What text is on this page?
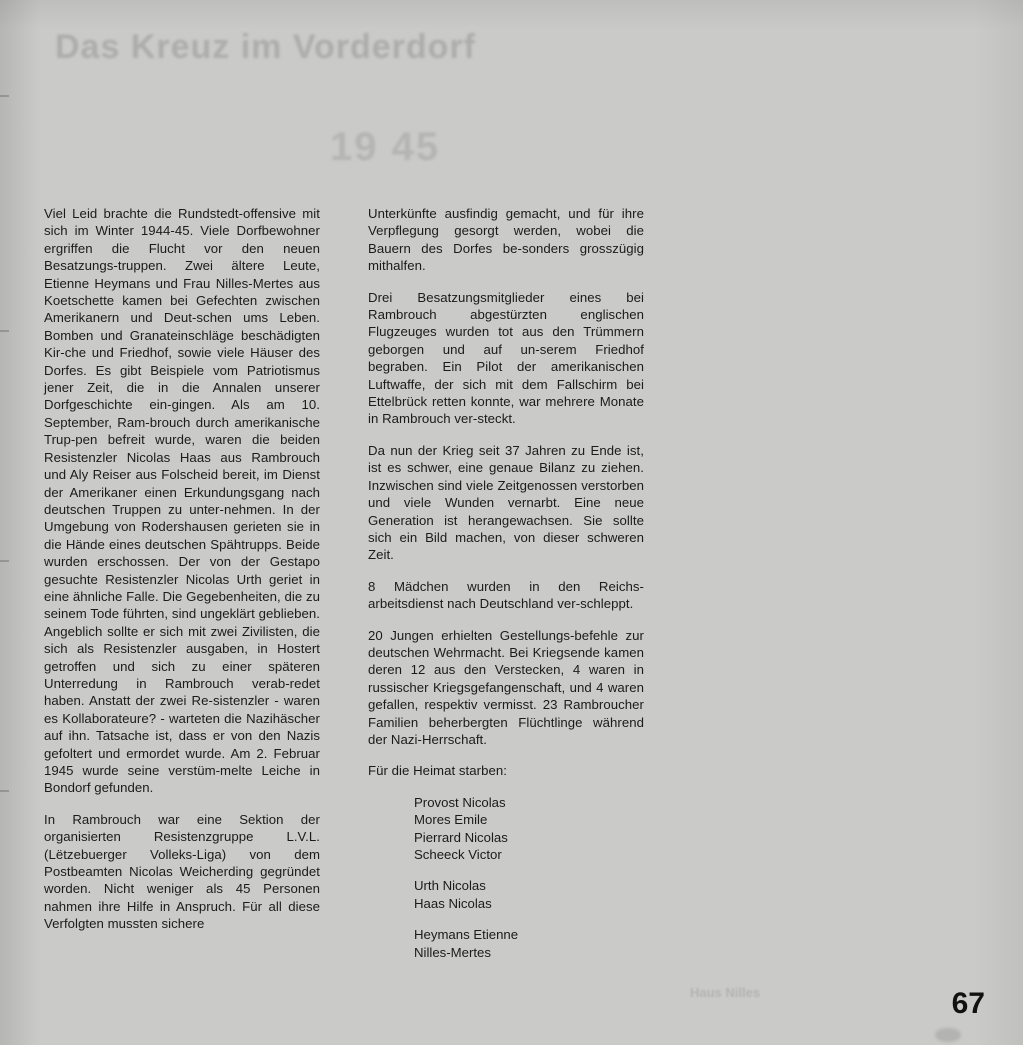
Das Kreuz im Vorderdorf
19 45
Haus Nilles

Viel Leid brachte die Rundstedt-offensive mit sich im Winter 1944-45. Viele Dorfbewohner ergriffen die Flucht vor den neuen Besatzungs-truppen. Zwei ältere Leute, Etienne Heymans und Frau Nilles-Mertes aus Koetschette kamen bei Gefechten zwischen Amerikanern und Deut-schen ums Leben. Bomben und Granateinschläge beschädigten Kir-che und Friedhof, sowie viele Häuser des Dorfes. Es gibt Beispiele vom Patriotismus jener Zeit, die in die Annalen unserer Dorfgeschichte ein-gingen. Als am 10. September, Ram-brouch durch amerikanische Trup-pen befreit wurde, waren die beiden Resistenzler Nicolas Haas aus Rambrouch und Aly Reiser aus Folscheid bereit, im Dienst der Amerikaner einen Erkundungsgang nach deutschen Truppen zu unter-nehmen. In der Umgebung von Rodershausen gerieten sie in die Hände eines deutschen Spähtrupps. Beide wurden erschossen. Der von der Gestapo gesuchte Resistenzler Nicolas Urth geriet in eine ähnliche Falle. Die Gegebenheiten, die zu seinem Tode führten, sind ungeklärt geblieben. Angeblich sollte er sich mit zwei Zivilisten, die sich als Resistenzler ausgaben, in Hostert getroffen und sich zu einer späteren Unterredung in Rambrouch verab-redet haben. Anstatt der zwei Re-sistenzler - waren es Kollaborateure? - warteten die Nazihäscher auf ihn. Tatsache ist, dass er von den Nazis gefoltert und ermordet wurde. Am 2. Februar 1945 wurde seine verstüm-melte Leiche in Bondorf gefunden.

In Rambrouch war eine Sektion der organisierten Resistenzgruppe L.V.L. (Lëtzebuerger Volleks-Liga) von dem Postbeamten Nicolas Weicherding gegründet worden. Nicht weniger als 45 Personen nahmen ihre Hilfe in Anspruch. Für all diese Verfolgten mussten sichere

Unterkünfte ausfindig gemacht, und für ihre Verpflegung gesorgt werden, wobei die Bauern des Dorfes be-sonders grosszügig mithalfen.

Drei Besatzungsmitglieder eines bei Rambrouch abgestürzten englischen Flugzeuges wurden tot aus den Trümmern geborgen und auf un-serem Friedhof begraben. Ein Pilot der amerikanischen Luftwaffe, der sich mit dem Fallschirm bei Ettelbrück retten konnte, war mehrere Monate in Rambrouch ver-steckt.

Da nun der Krieg seit 37 Jahren zu Ende ist, ist es schwer, eine genaue Bilanz zu ziehen. Inzwischen sind viele Zeitgenossen verstorben und viele Wunden vernarbt. Eine neue Generation ist herangewachsen. Sie sollte sich ein Bild machen, von dieser schweren Zeit.

8 Mädchen wurden in den Reichs-arbeitsdienst nach Deutschland ver-schleppt.

20 Jungen erhielten Gestellungs-befehle zur deutschen Wehrmacht. Bei Kriegsende kamen deren 12 aus den Verstecken, 4 waren in russischer Kriegsgefangenschaft, und 4 waren gefallen, respektiv vermisst. 23 Rambroucher Familien beherbergten Flüchtlinge während der Nazi-Herrschaft.

Für die Heimat starben:

Provost Nicolas
Mores Emile
Pierrard Nicolas
Scheeck Victor
Urth Nicolas
Haas Nicolas
Heymans Etienne
Nilles-Mertes
67
